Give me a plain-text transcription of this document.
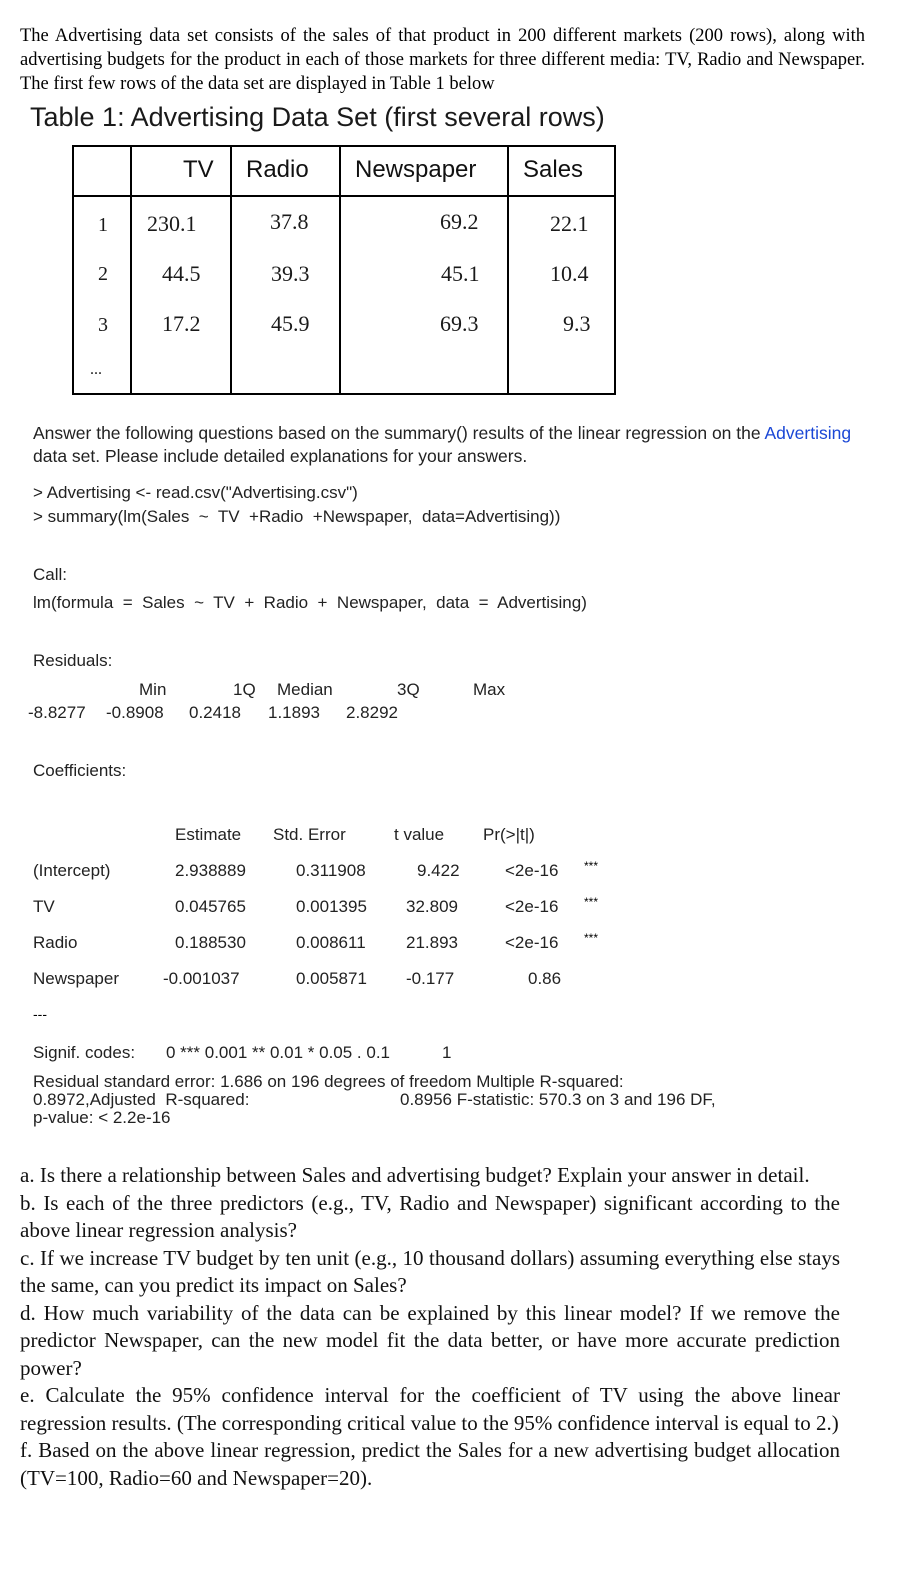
The Advertising data set consists of the sales of that product in 200 different markets (200 rows), along with advertising budgets for the product in each of those markets for three different media: TV, Radio and Newspaper. The first few rows of the data set are displayed in Table 1 below
Table 1: Advertising Data Set (first several rows)
TV Radio Newspaper Sales
1 230.1	37.8	69.2	22.1
2 44.5	39.3	45.1	10.4
3 17.2	45.9	69.3	9.3
...
Answer the following questions based on the summary() results of the linear regression on the Advertising data set. Please include detailed explanations for your answers.
> Advertising <- read.csv("Advertising.csv")
> summary(lm(Sales  ~  TV  +Radio  +Newspaper,  data=Advertising))
Call:
lm(formula  =  Sales  ~  TV  +  Radio  +  Newspaper,  data  =  Advertising)
Residuals:
Min	1Q Median	3Q	Max
-8.8277 -0.8908 0.2418 1.1893 2.8292
Coefficients:
Estimate Std. Error	t value Pr(>|t|)
(Intercept)	2.938889	0.311908	9.422	<2e-16 ***
TV	0.045765	0.001395 32.809	<2e-16 ***
Radio	0.188530	0.008611 21.893	<2e-16 ***
Newspaper	-0.001037	0.005871 -0.177	0.86
---
Signif. codes: 0 *** 0.001 ** 0.01 * 0.05 . 0.1	1
Residual standard error: 1.686 on 196 degrees of freedom Multiple R-squared:
0.8972,Adjusted  R-squared:	0.8956 F-statistic: 570.3 on 3 and 196 DF,
p-value: < 2.2e-16

a. Is there a relationship between Sales and advertising budget? Explain your answer in detail.

b. Is each of the three predictors (e.g., TV, Radio and Newspaper) significant according to the above linear regression analysis?

c. If we increase TV budget by ten unit (e.g., 10 thousand dollars) assuming everything else stays the same, can you predict its impact on Sales?

d. How much variability of the data can be explained by this linear model? If we remove the predictor Newspaper, can the new model fit the data better, or have more accurate prediction power?

e. Calculate the 95% confidence interval for the coefficient of TV using the above linear regression results. (The corresponding critical value to the 95% confidence interval is equal to 2.)

f. Based on the above linear regression, predict the Sales for a new advertising budget allocation (TV=100, Radio=60 and Newspaper=20).
